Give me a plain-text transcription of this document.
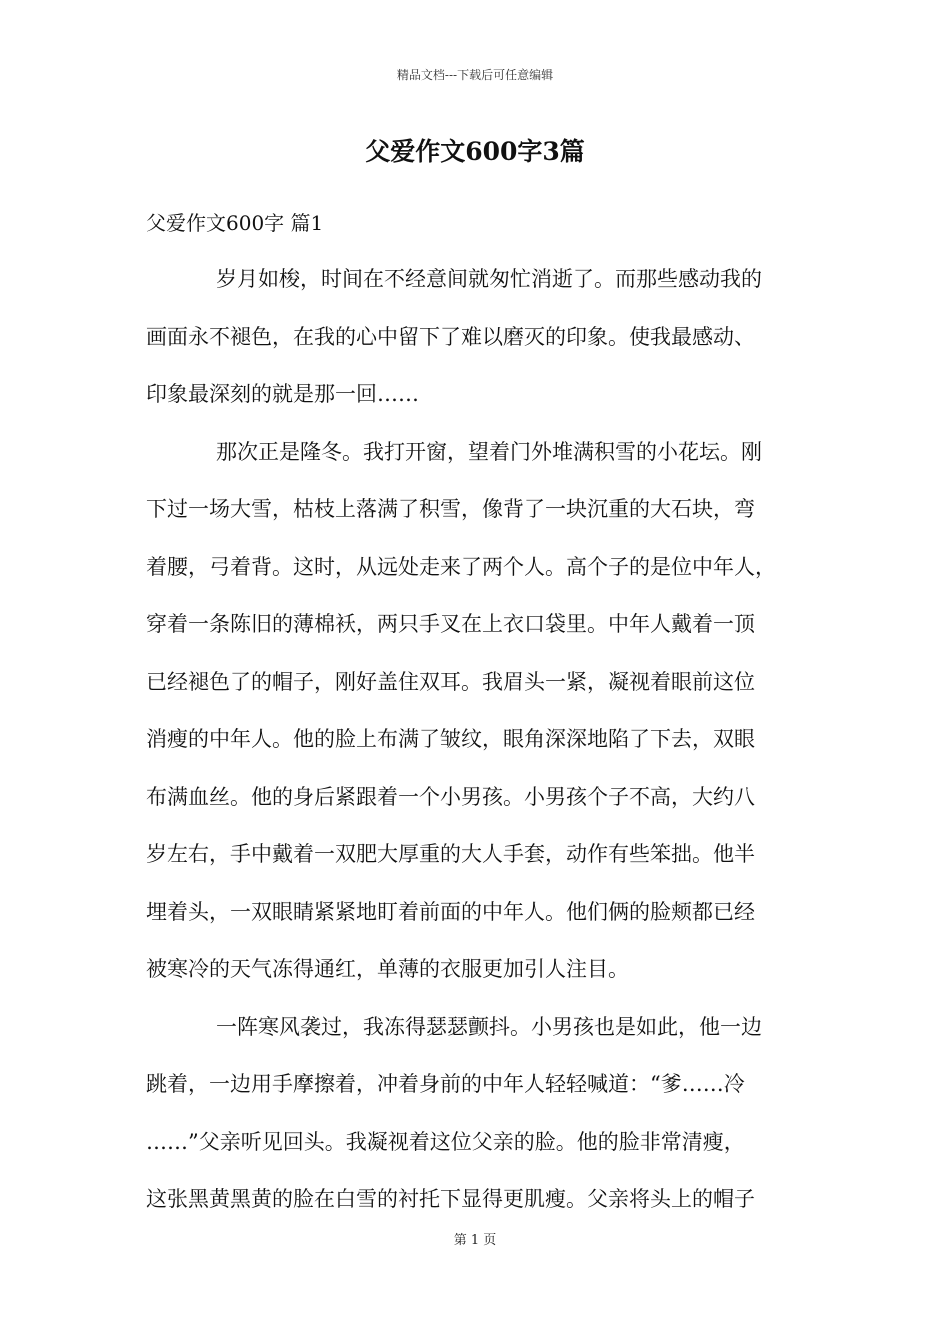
精品文档---下载后可任意编辑
父爱作文600字3篇
父爱作文600字 篇1
岁月如梭，时间在不经意间就匆忙消逝了。而那些感动我的
画面永不褪色，在我的心中留下了难以磨灭的印象。使我最感动、
印象最深刻的就是那一回……
那次正是隆冬。我打开窗，望着门外堆满积雪的小花坛。刚
下过一场大雪，枯枝上落满了积雪，像背了一块沉重的大石块，弯
着腰，弓着背。这时，从远处走来了两个人。高个子的是位中年人，
穿着一条陈旧的薄棉袄，两只手叉在上衣口袋里。中年人戴着一顶
已经褪色了的帽子，刚好盖住双耳。我眉头一紧，凝视着眼前这位
消瘦的中年人。他的脸上布满了皱纹，眼角深深地陷了下去，双眼
布满血丝。他的身后紧跟着一个小男孩。小男孩个子不高，大约八
岁左右，手中戴着一双肥大厚重的大人手套，动作有些笨拙。他半
埋着头，一双眼睛紧紧地盯着前面的中年人。他们俩的脸颊都已经
被寒冷的天气冻得通红，单薄的衣服更加引人注目。
一阵寒风袭过，我冻得瑟瑟颤抖。小男孩也是如此，他一边
跳着，一边用手摩擦着，冲着身前的中年人轻轻喊道：“爹……冷
……”父亲听见回头。我凝视着这位父亲的脸。他的脸非常清瘦，
这张黑黄黑黄的脸在白雪的衬托下显得更肌瘦。父亲将头上的帽子
第 1 页
